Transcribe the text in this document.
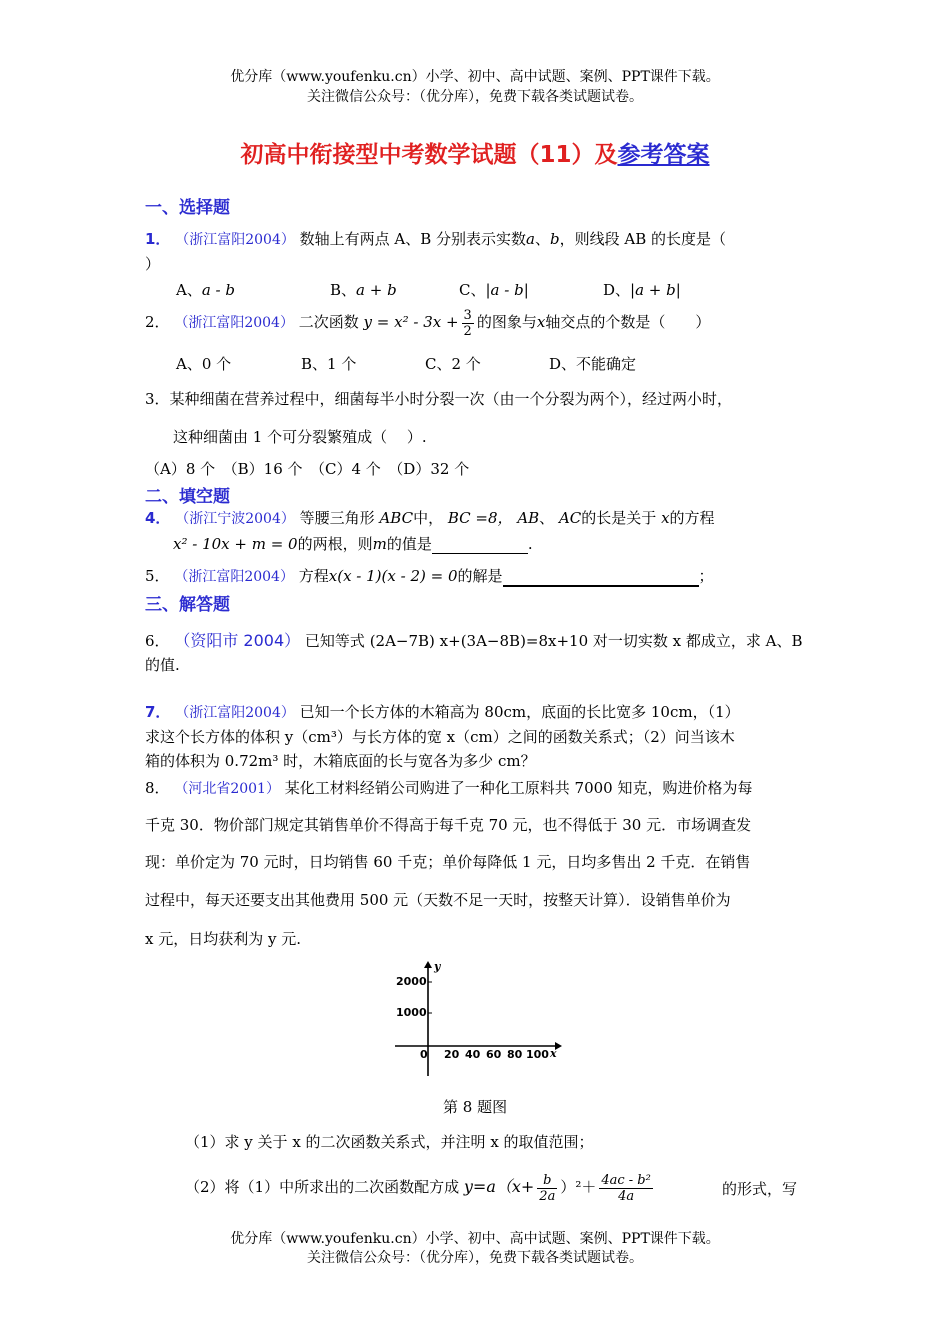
优分库（www.youfenku.cn）小学、初中、高中试题、案例、PPT课件下载。
关注微信公众号：（优分库），免费下载各类试题试卷。
初高中衔接型中考数学试题（11）及参考答案
一、选择题
1． （浙江富阳2004） 数轴上有两点 A、B 分别表示实数a、b，则线段 AB 的长度是（
）
A、a - b	B、a + b	C、|a - b|	D、|a + b|
2． （浙江富阳2004） 二次函数 $y = x^2 - 3x + \frac{3}{2}$ 的图象与x轴交点的个数是（　　）
A、0 个	B、1 个	C、2 个	D、不能确定
3．某种细菌在营养过程中，细菌每半小时分裂一次（由一个分裂为两个），经过两小时，
这种细菌由 1 个可分裂繁殖成（　 ）.
（A）8 个　（B）16 个　（C）4 个　（D）32 个
二、填空题
4． （浙江宁波2004） 等腰三角形 ABC中， BC =8， AB、 AC的长是关于 x的方程
x² - 10x + m = 0的两根，则m的值是	.
5． （浙江富阳2004） 方程x(x - 1)(x - 2) = 0的解是	；
三、解答题
6． （资阳市 2004） 已知等式 (2A−7B) x+(3A−8B)=8x+10 对一切实数 x 都成立，求 A、B
的值.
7． （浙江富阳2004） 已知一个长方体的木箱高为 80cm，底面的长比宽多 10cm，（1）
求这个长方体的体积 y（cm³）与长方体的宽 x（cm）之间的函数关系式；（2）问当该木
箱的体积为 0.72m³ 时，木箱底面的长与宽各为多少 cm？
8． （河北省2001） 某化工材料经销公司购进了一种化工原料共 7000 知克，购进价格为每
千克 30．物价部门规定其销售单价不得高于每千克 70 元，也不得低于 30 元．市场调查发
现：单价定为 70 元时，日均销售 60 千克；单价每降低 1 元，日均多售出 2 千克．在销售
过程中，每天还要支出其他费用 500 元（天数不足一天时，按整天计算）．设销售单价为
x 元，日均获利为 y 元.
2000
1000
y
x
0 20 40 60 80 100
第 8 题图
（1）求 y 关于 x 的二次函数关系式，并注明 x 的取值范围；
（2）将（1）中所求出的二次函数配方成 $y=a(x+ \frac{b}{2a} )^2+ \frac{\text{4ac - b²}}{4a}$	的形式，写
优分库（www.youfenku.cn）小学、初中、高中试题、案例、PPT课件下载。
关注微信公众号：（优分库），免费下载各类试题试卷。
